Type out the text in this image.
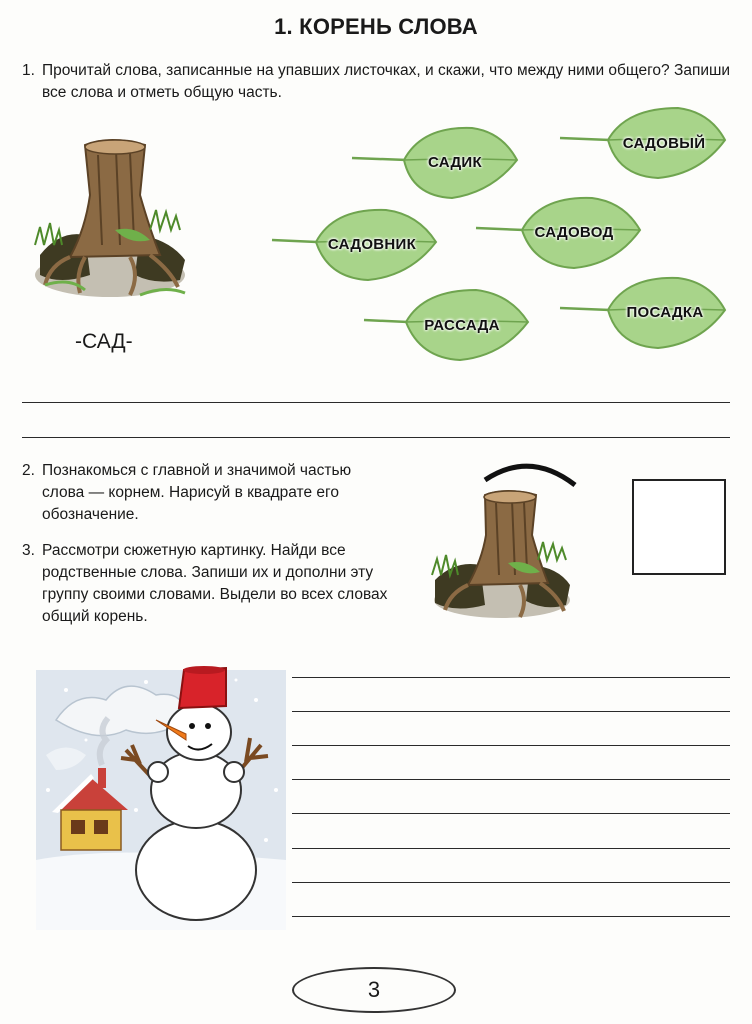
1. КОРЕНЬ СЛОВА
1. Прочитай слова, записанные на упавших листочках, и скажи, что между ними общего? Запиши все слова и отметь общую часть.
САДИК
САДОВЫЙ
САДОВНИК
САДОВОД
РАССАДА
ПОСАДКА
-САД-
2. Познакомься с главной и значимой частью слова — корнем. Нарисуй в квадрате его обозначение.
3. Рассмотри сюжетную картинку. Найди все родственные слова. Запиши их и дополни эту группу своими словами. Выдели во всех словах общий корень.
3
